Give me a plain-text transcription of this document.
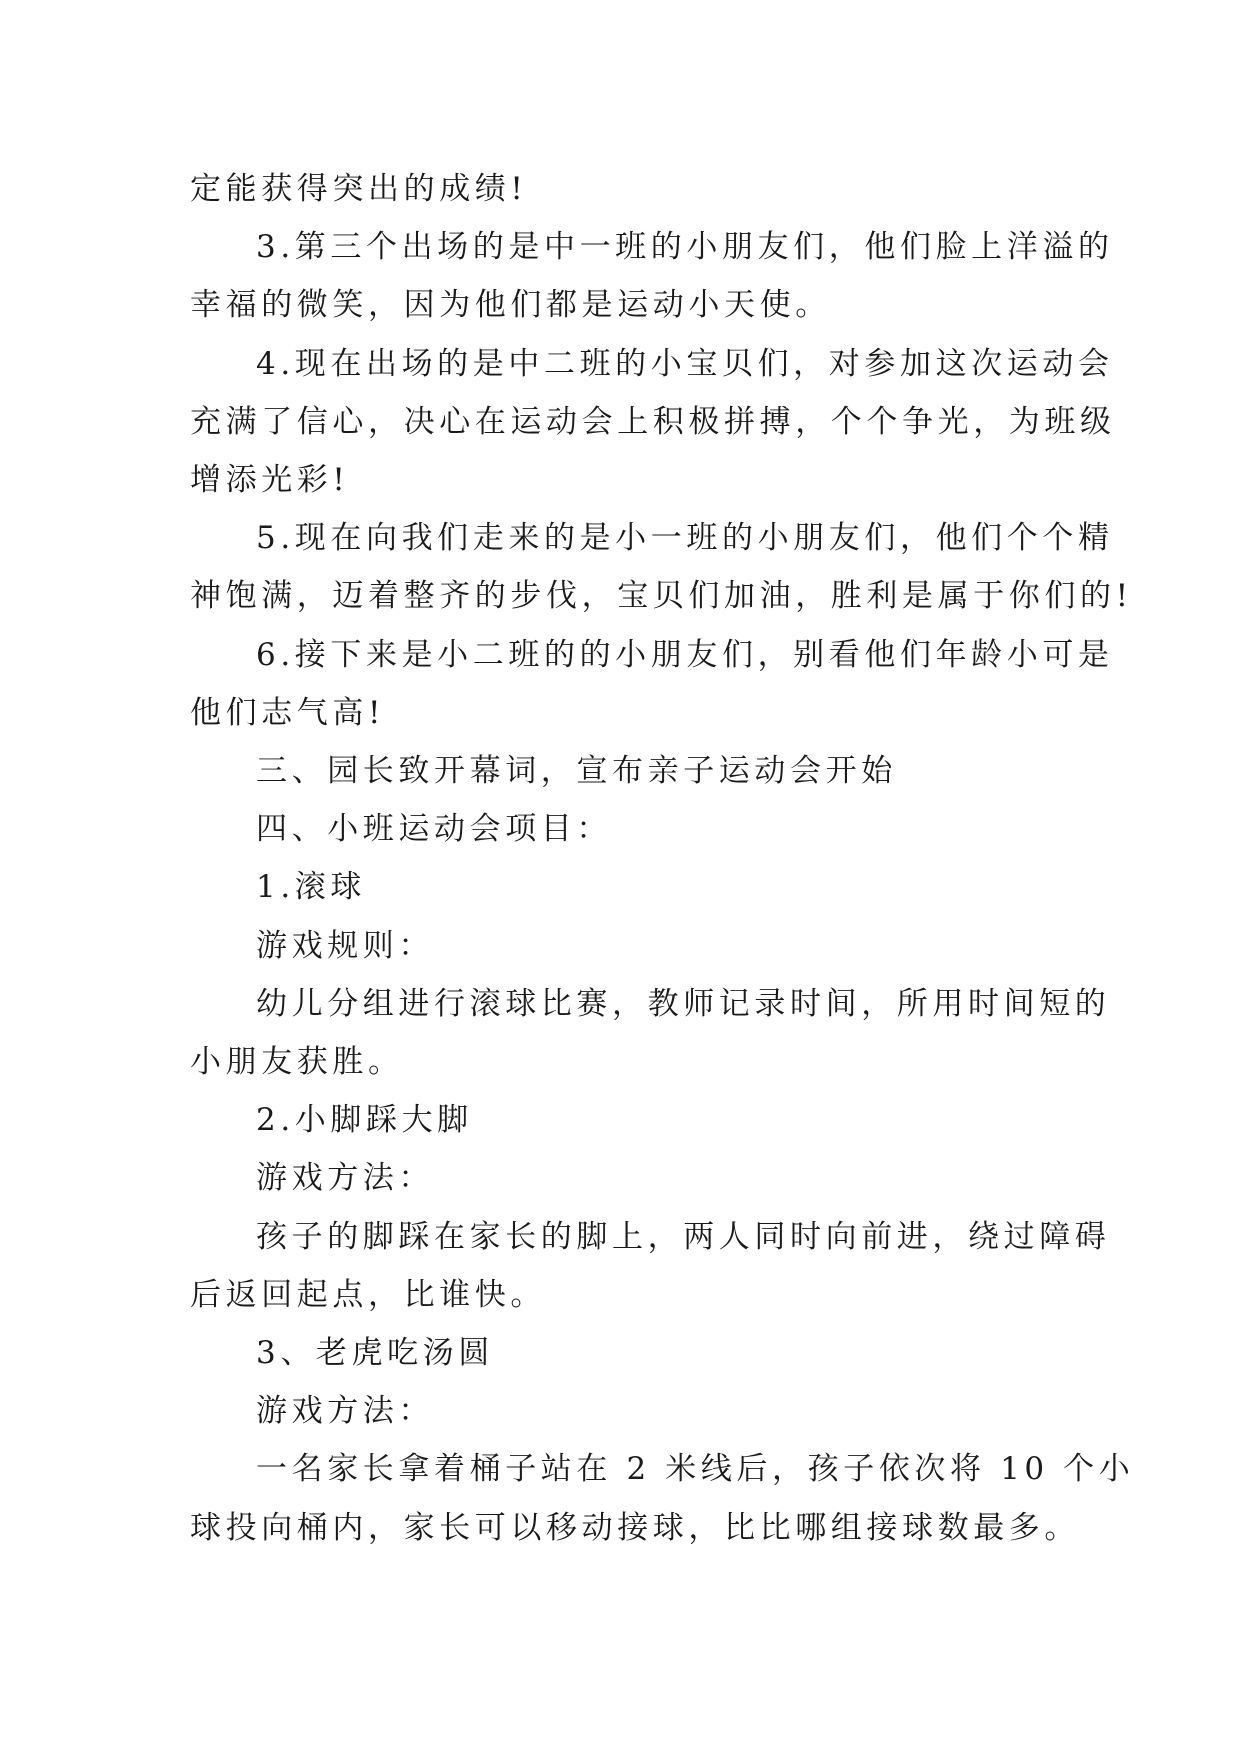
定能获得突出的成绩!

3.第三个出场的是中一班的小朋友们，他们脸上洋溢的

幸福的微笑，因为他们都是运动小天使。

4.现在出场的是中二班的小宝贝们，对参加这次运动会

充满了信心，决心在运动会上积极拼搏，个个争光，为班级

增添光彩!

5.现在向我们走来的是小一班的小朋友们，他们个个精

神饱满，迈着整齐的步伐，宝贝们加油，胜利是属于你们的!

6.接下来是小二班的的小朋友们，别看他们年龄小可是

他们志气高!

三、园长致开幕词，宣布亲子运动会开始

四、小班运动会项目：

1.滚球

游戏规则：

幼儿分组进行滚球比赛，教师记录时间，所用时间短的

小朋友获胜。

2.小脚踩大脚

游戏方法：

孩子的脚踩在家长的脚上，两人同时向前进，绕过障碍

后返回起点，比谁快。

3、老虎吃汤圆

游戏方法：

一名家长拿着桶子站在 2 米线后，孩子依次将 10 个小

球投向桶内，家长可以移动接球，比比哪组接球数最多。
